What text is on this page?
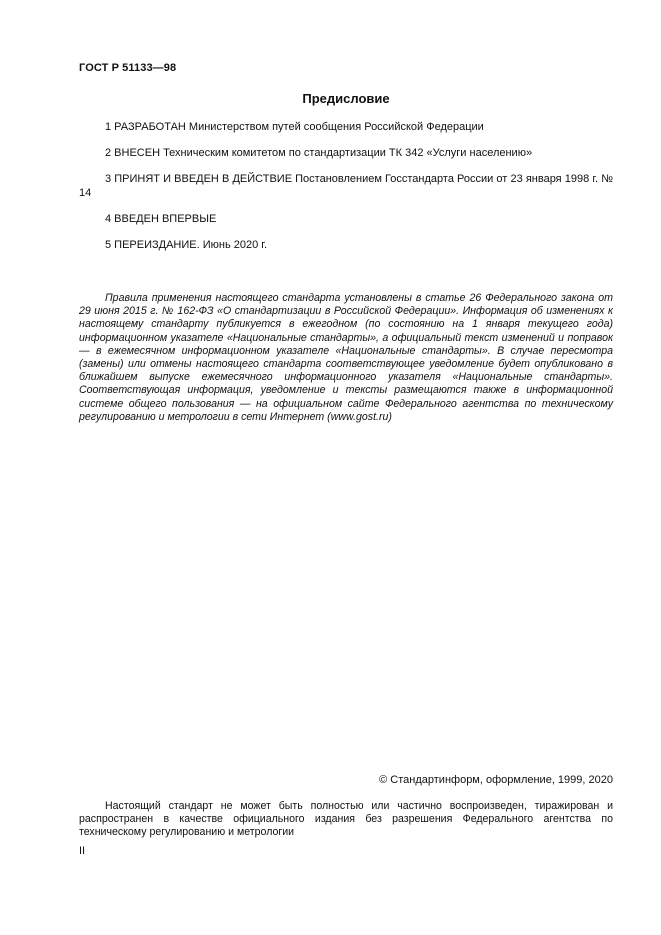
ГОСТ Р 51133—98
Предисловие
1 РАЗРАБОТАН Министерством путей сообщения Российской Федерации
2 ВНЕСЕН Техническим комитетом по стандартизации ТК 342 «Услуги населению»
3 ПРИНЯТ И ВВЕДЕН В ДЕЙСТВИЕ Постановлением Госстандарта России от 23 января 1998 г. № 14
4 ВВЕДЕН ВПЕРВЫЕ
5 ПЕРЕИЗДАНИЕ. Июнь 2020 г.

Правила применения настоящего стандарта установлены в статье 26 Федерального закона от 29 июня 2015 г. № 162-ФЗ «О стандартизации в Российской Федерации». Информация об изменениях к настоящему стандарту публикуется в ежегодном (по состоянию на 1 января текущего года) информационном указателе «Национальные стандарты», а официальный текст изменений и поправок — в ежемесячном информационном указателе «Национальные стандарты». В случае пересмотра (замены) или отмены настоящего стандарта соответствующее уведомление будет опубликовано в ближайшем выпуске ежемесячного информационного указателя «Национальные стандарты». Соответствующая информация, уведомление и тексты размещаются также в информационной системе общего пользования — на официальном сайте Федерального агентства по техническому регулированию и метрологии в сети Интернет (www.gost.ru)

© Стандартинформ, оформление, 1999, 2020

Настоящий стандарт не может быть полностью или частично воспроизведен, тиражирован и распространен в качестве официального издания без разрешения Федерального агентства по техническому регулированию и метрологии

II
